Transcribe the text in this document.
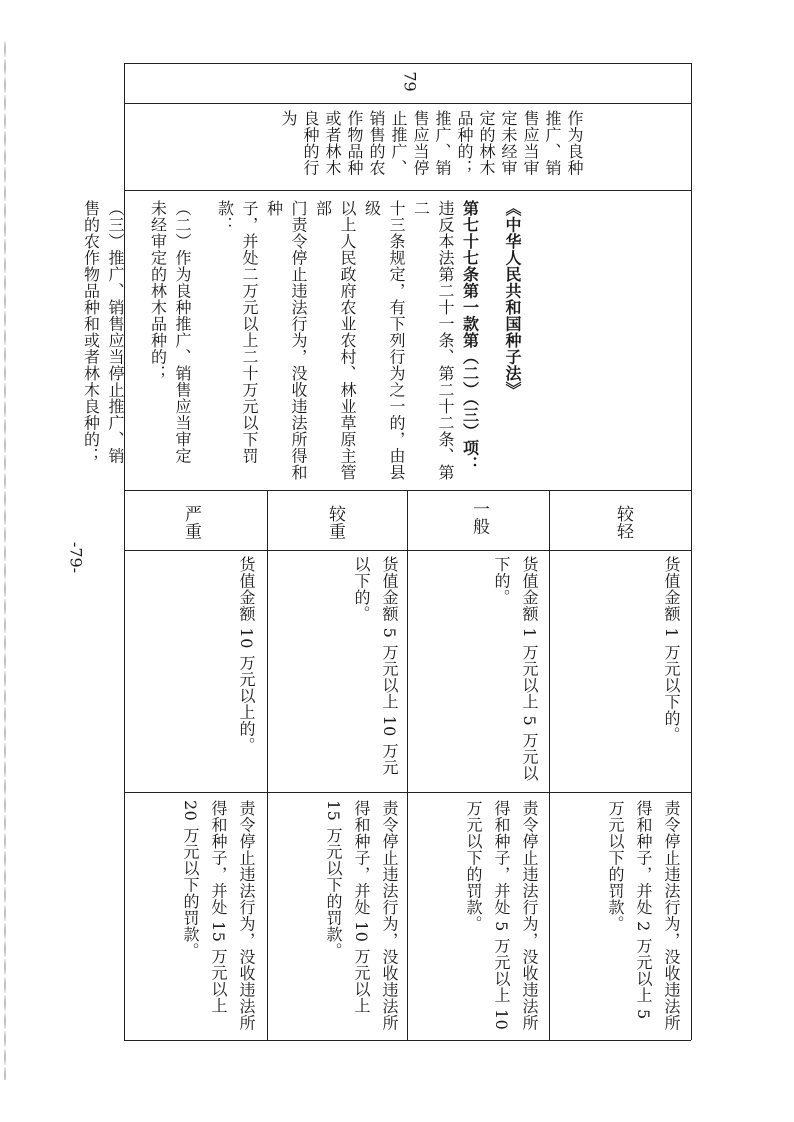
79
作为良种
推广、销
售应当审
定未经审
定的林木
品种的；
推广、销
售应当停
止推广、
销售的农
作物品种
或者林木
良种的行
为
《中华人民共和国种子法》
第七十七条第一款第（二）（三）项：
违反本法第二十一条、第二十二条、第二
十三条规定，有下列行为之一的，由县级
以上人民政府农业农村、林业草原主管部
门责令停止违法行为，没收违法所得和种
子，并处二万元以上二十万元以下罚款：
（二）作为良种推广、销售应当审定
未经审定的林木品种的；
（三）推广、销售应当停止推广、销
售的农作物品种和或者林木良种的；
较轻
一般
较重
严重
货值金额 1 万元以下的。
货值金额 1 万元以上 5 万元以下的。
货值金额 5 万元以上 10 万元以下的。
货值金额 10 万元以上的。
责令停止违法行为，没收违法所得和种子，并处 2 万元以上 5 万元以下的罚款。
责令停止违法行为，没收违法所得和种子，并处 5 万元以上 10 万元以下的罚款。
责令停止违法行为，没收违法所得和种子，并处 10 万元以上 15 万元以下的罚款。
责令停止违法行为，没收违法所得和种子，并处 15 万元以上 20 万元以下的罚款。
-79-
